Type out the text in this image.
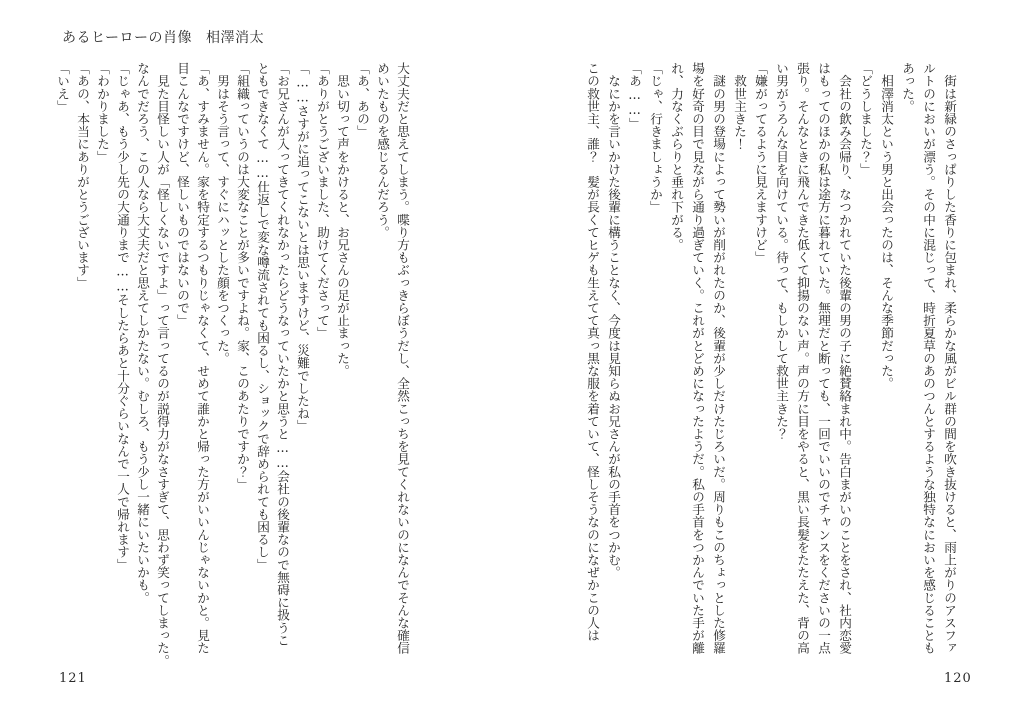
あるヒーローの肖像 相澤消太
大丈夫だと思えてしまう。喋り方もぶっきらぼうだし、全然こっちを見てくれないのになんでそんな確信
めいたものを感じるんだろう。
「あ、あの」
　思い切って声をかけると、お兄さんの足が止まった。
「ありがとうございました、助けてくださって」
「……さすがに追ってこないとは思いますけど、災難でしたね」
「お兄さんが入ってきてくれなかったらどうなっていたかと思うと……会社の後輩なので無碍に扱うこ
ともできなくて……仕返しで変な噂流されても困るし、ショックで辞められても困るし」
「組織っていうのは大変なことが多いですよね。家、このあたりですか？」
　男はそう言って、すぐにハッとした顔をつくった。
「あ、すみません。家を特定するつもりじゃなくて、せめて誰かと帰った方がいいんじゃないかと。見た
目こんなですけど、怪しいものではないので」
　見た目怪しい人が「怪しくないですよ」って言ってるのが説得力がなさすぎて、思わず笑ってしまった。
なんでだろう、この人なら大丈夫だと思えてしかたない。むしろ、もう少し一緒にいたいかも。
「じゃあ、もう少し先の大通りまで……そしたらあと十分ぐらいなんで一人で帰れます」
「わかりました」
「あの、本当にありがとうございます」
「いえ」	　街は新緑のさっぱりした香りに包まれ、柔らかな風がビル群の間を吹き抜けると、雨上がりのアスファ
ルトのにおいが漂う。その中に混じって、時折夏草のあのつんとするような独特なにおいを感じることも
あった。
　相澤消太という男と出会ったのは、そんな季節だった。
「どうしました？」
　会社の飲み会帰り、なつかれていた後輩の男の子に絶賛絡まれ中。告白まがいのことをされ、社内恋愛
はもってのほかの私は途方に暮れていた。無理だと断っても、一回でいいのでチャンスをくださいの一点
張り。そんなときに飛んできた低くて抑揚のない声。声の方に目をやると、黒い長髪をたたえた、背の高
い男がうろんな目を向けている。待って、もしかして救世主きた？
「嫌がってるように見えますけど」
　救世主きた！
　謎の男の登場によって勢いが削がれたのか、後輩が少しだけたじろいだ。周りもこのちょっとした修羅
場を好奇の目で見ながら通り過ぎていく。これがとどめになったようだ。私の手首をつかんでいた手が離
れ、力なくぶらりと垂れ下がる。
「じゃ、行きましょうか」
「あ……」
　なにかを言いかけた後輩に構うことなく、今度は見知らぬお兄さんが私の手首をつかむ。
この救世主、誰？　髪が長くてヒゲも生えてて真っ黒な服を着ていて、怪しそうなのになぜかこの人は
121	120
